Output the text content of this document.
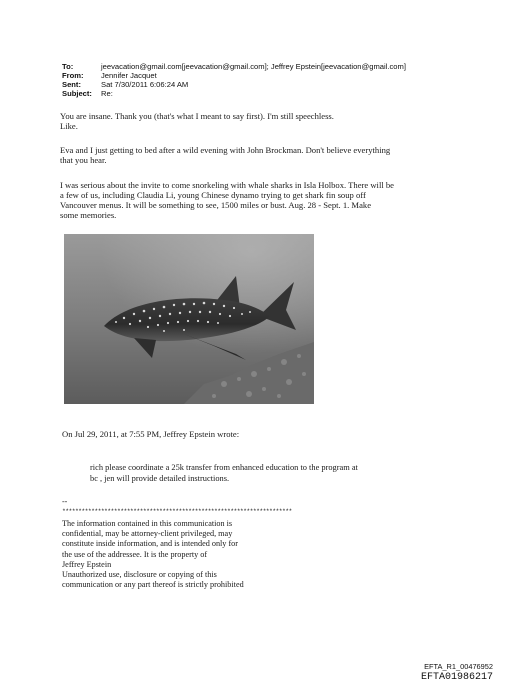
To:	jeevacation@gmail.com[jeevacation@gmail.com]; Jeffrey Epstein[jeevacation@gmail.com]
From: Jennifer Jacquet
Sent:	Sat 7/30/2011 6:06:24 AM
Subject: Re:

You are insane. Thank you (that's what I meant to say first). I'm still speechless.

Like.

Eva and I just getting to bed after a wild evening with John Brockman. Don't believe everything

that you hear.

I was serious about the invite to come snorkeling with whale sharks in Isla Holbox. There will be

a few of us, including Claudia Li, young Chinese dynamo trying to get shark fin soup off

Vancouver menus. It will be something to see, 1500 miles or bust. Aug. 28 - Sept. 1. Make

some memories.

On Jul 29, 2011, at 7:55 PM, Jeffrey Epstein wrote:

rich please coordinate a 25k transfer from enhanced education to the program at

bc , jen will provide detailed instructions.

--
***********************************************************************
The information contained in this communication is
confidential, may be attorney-client privileged, may
constitute inside information, and is intended only for
the use of the addressee. It is the property of
Jeffrey Epstein
Unauthorized use, disclosure or copying of this
communication or any part thereof is strictly prohibited
EFTA_R1_00476952
EFTA01986217
